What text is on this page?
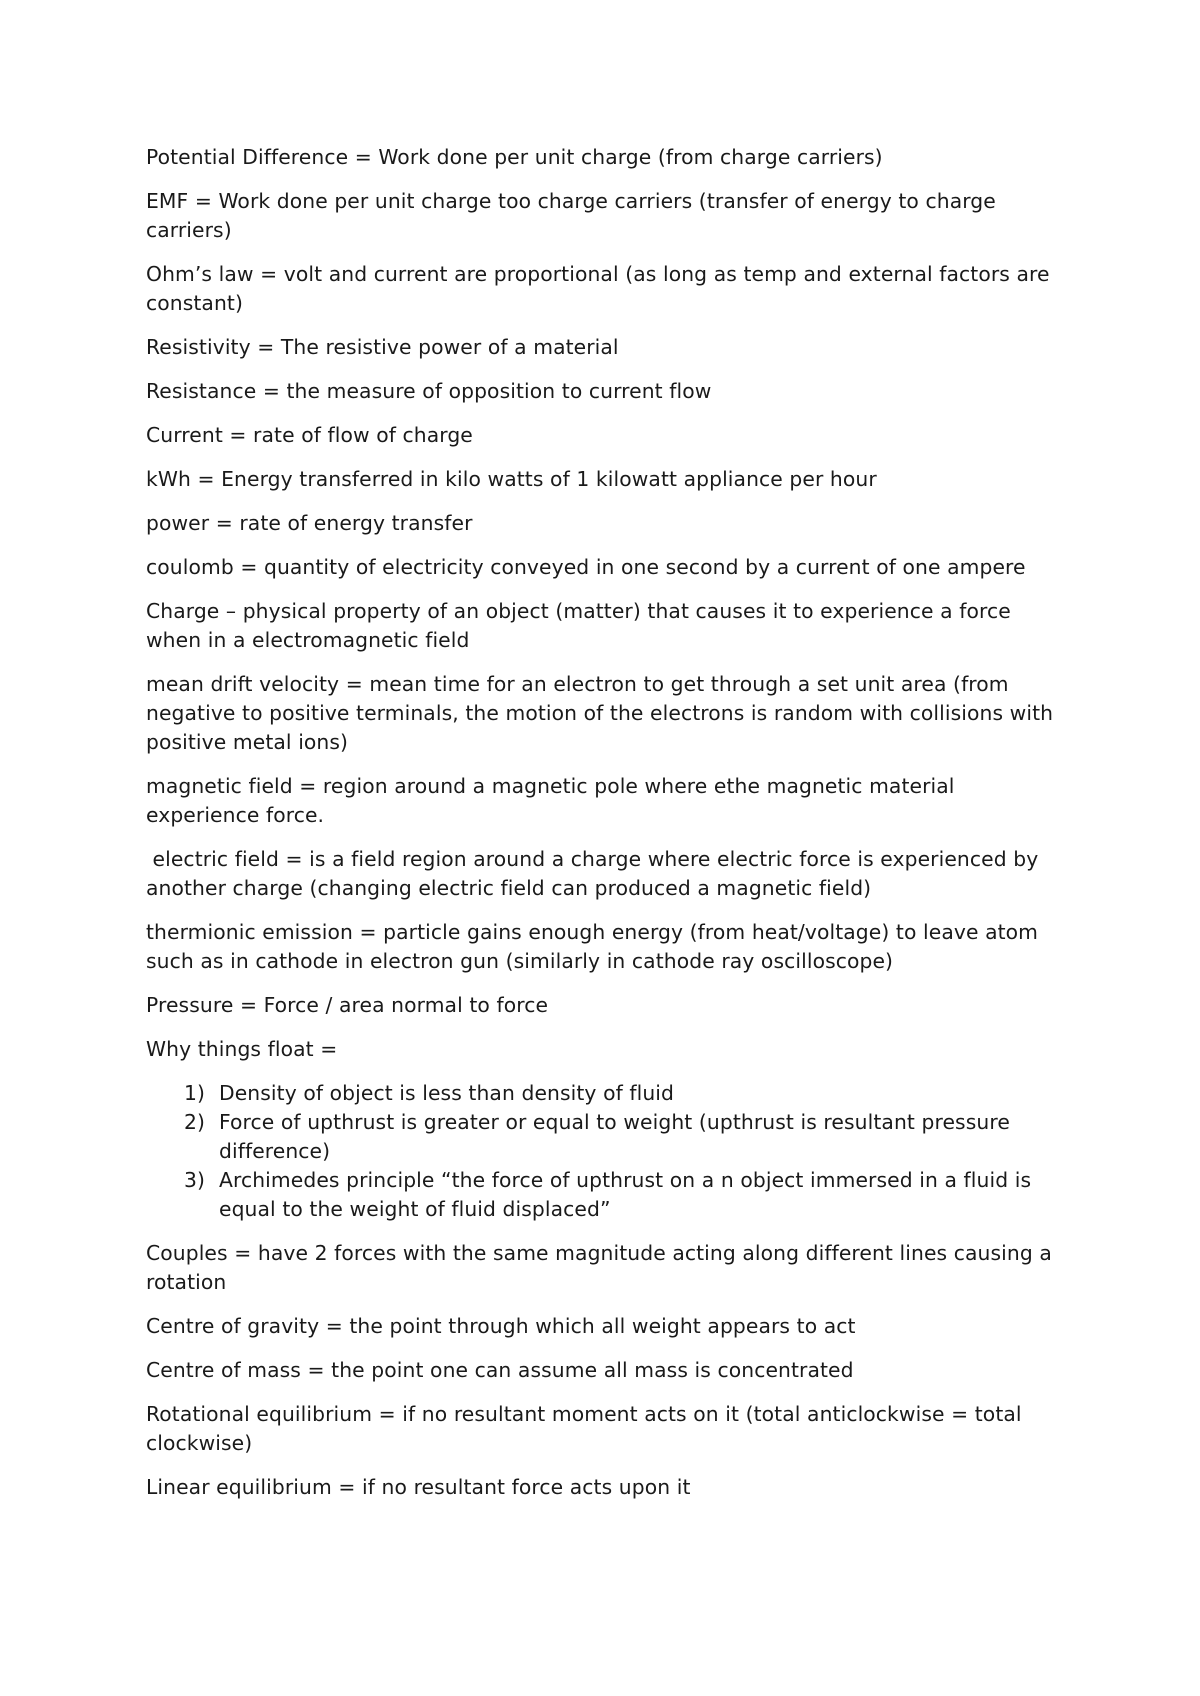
Potential Difference = Work done per unit charge (from charge carriers)

EMF = Work done per unit charge too charge carriers (transfer of energy to charge carriers)

Ohm’s law = volt and current are proportional (as long as temp and external factors are constant)

Resistivity = The resistive power of a material

Resistance = the measure of opposition to current flow

Current = rate of flow of charge

kWh = Energy transferred in kilo watts of 1 kilowatt appliance per hour

power = rate of energy transfer

coulomb = quantity of electricity conveyed in one second by a current of one ampere

Charge – physical property of an object (matter) that causes it to experience a force when in a electromagnetic field

mean drift velocity = mean time for an electron to get through a set unit area (from negative to positive terminals, the motion of the electrons is random with collisions with positive metal ions)

magnetic field = region around a magnetic pole where ethe magnetic material experience force.

electric field = is a field region around a charge where electric force is experienced by another charge (changing electric field can produced a magnetic field)

thermionic emission = particle gains enough energy (from heat/voltage) to leave atom such as in cathode in electron gun (similarly in cathode ray oscilloscope)

Pressure = Force / area normal to force

Why things float =

1) Density of object is less than density of fluid
2) Force of upthrust is greater or equal to weight (upthrust is resultant pressure difference)
3) Archimedes principle “the force of upthrust on a n object immersed in a fluid is equal to the weight of fluid displaced”

Couples = have 2 forces with the same magnitude acting along different lines causing a rotation

Centre of gravity = the point through which all weight appears to act

Centre of mass = the point one can assume all mass is concentrated

Rotational equilibrium = if no resultant moment acts on it (total anticlockwise = total clockwise)

Linear equilibrium = if no resultant force acts upon it
